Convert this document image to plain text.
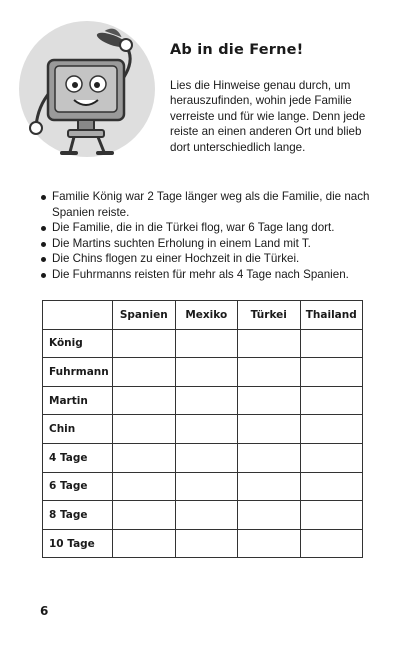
Ab in die Ferne!
Lies die Hinweise genau durch, um
herauszufinden, wohin jede Familie
verreiste und für wie lange. Denn jede
reiste an einen anderen Ort und blieb
dort unterschiedlich lange.
Familie König war 2 Tage länger weg als die Familie, die nach Spanien reiste.
Die Familie, die in die Türkei flog, war 6 Tage lang dort.
Die Martins suchten Erholung in einem Land mit T.
Die Chins flogen zu einer Hochzeit in die Türkei.
Die Fuhrmanns reisten für mehr als 4 Tage nach Spanien.
	Spanien	Mexiko	Türkei	Thailand
König				
Fuhrmann				
Martin				
Chin				
4 Tage				
6 Tage				
8 Tage				
10 Tage				
6
